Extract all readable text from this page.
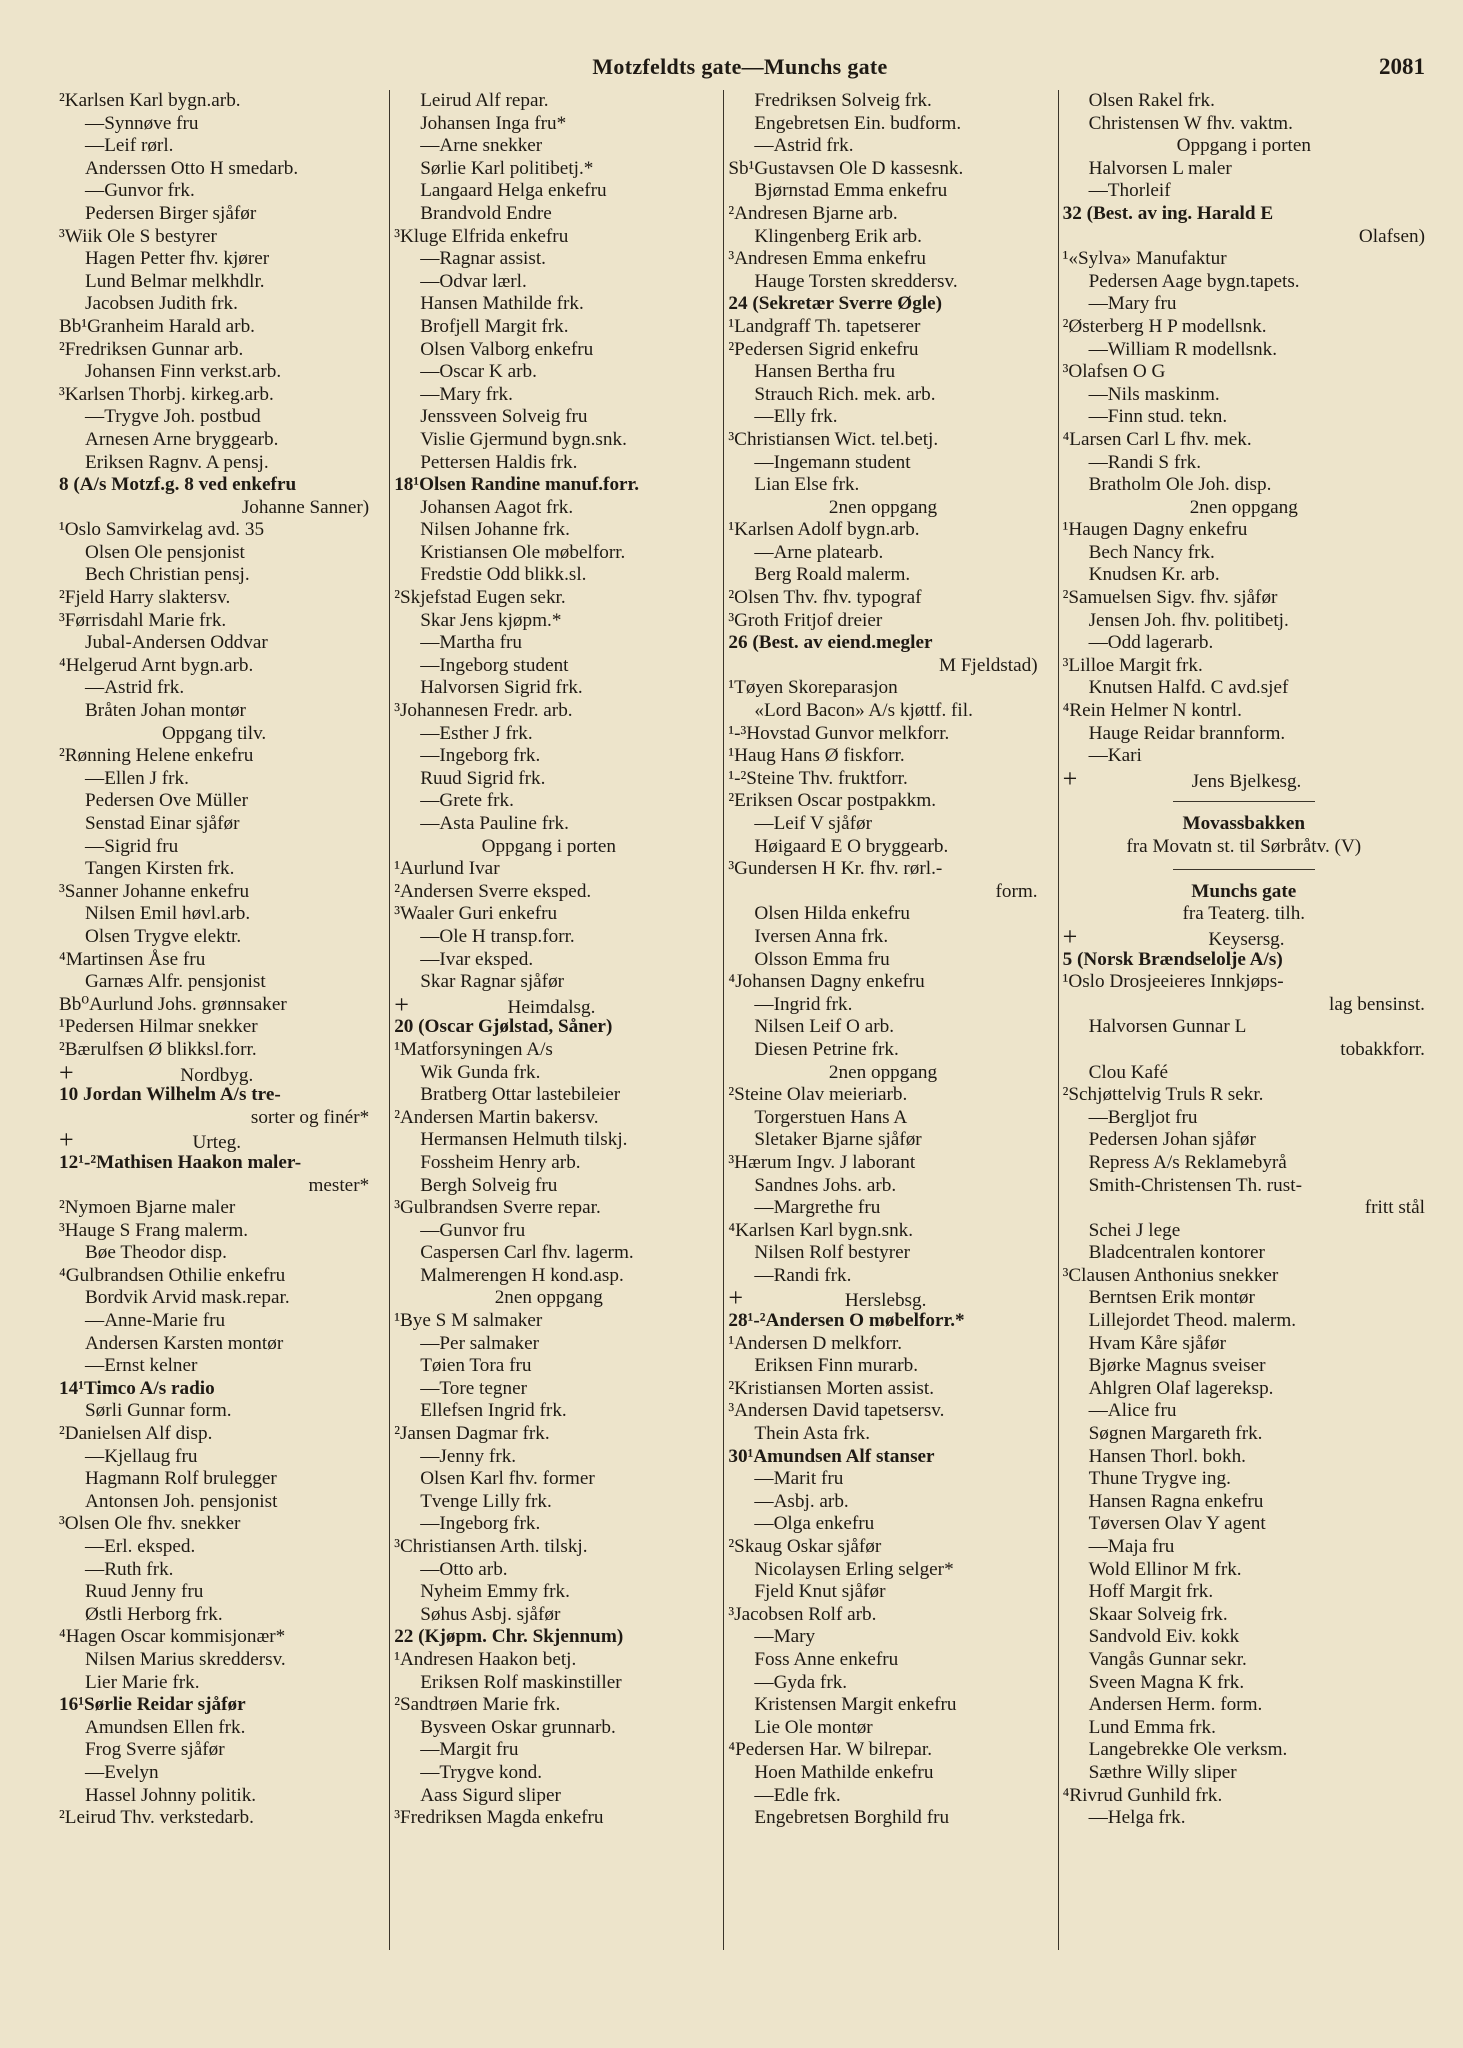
Motzfeldts gate—Munchs gate	2081
²Karlsen Karl bygn.arb.
—Synnøve fru
—Leif rørl.
Anderssen Otto H smedarb.
—Gunvor frk.
Pedersen Birger sjåfør
³Wiik Ole S bestyrer
Hagen Petter fhv. kjører
Lund Belmar melkhdlr.
Jacobsen Judith frk.
Bb¹Granheim Harald arb.
²Fredriksen Gunnar arb.
Johansen Finn verkst.arb.
³Karlsen Thorbj. kirkeg.arb.
—Trygve Joh. postbud
Arnesen Arne bryggearb.
Eriksen Ragnv. A pensj.
8 (A/s Motzf.g. 8 ved enkefru
Johanne Sanner)
¹Oslo Samvirkelag avd. 35
Olsen Ole pensjonist
Bech Christian pensj.
²Fjeld Harry slaktersv.
³Førrisdahl Marie frk.
Jubal-Andersen Oddvar
⁴Helgerud Arnt bygn.arb.
—Astrid frk.
Bråten Johan montør
Oppgang tilv.
²Rønning Helene enkefru
—Ellen J frk.
Pedersen Ove Müller
Senstad Einar sjåfør
—Sigrid fru
Tangen Kirsten frk.
³Sanner Johanne enkefru
Nilsen Emil høvl.arb.
Olsen Trygve elektr.
⁴Martinsen Åse fru
Garnæs Alfr. pensjonist
Bb⁰Aurlund Johs. grønnsaker
¹Pedersen Hilmar snekker
²Bærulfsen Ø blikksl.forr.
+	Nordbyg.
10 Jordan Wilhelm A/s tre-
sorter og finér*
+	Urteg.
12¹-²Mathisen Haakon maler-
mester*
²Nymoen Bjarne maler
³Hauge S Frang malerm.
Bøe Theodor disp.
⁴Gulbrandsen Othilie enkefru
Bordvik Arvid mask.repar.
—Anne-Marie fru
Andersen Karsten montør
—Ernst kelner
14¹Timco A/s radio
Sørli Gunnar form.
²Danielsen Alf disp.
—Kjellaug fru
Hagmann Rolf brulegger
Antonsen Joh. pensjonist
³Olsen Ole fhv. snekker
—Erl. ekspеd.
—Ruth frk.
Ruud Jenny fru
Østli Herborg frk.
⁴Hagen Oscar kommisjonær*
Nilsen Marius skreddersv.
Lier Marie frk.
16¹Sørlie Reidar sjåfør
Amundsen Ellen frk.
Frog Sverre sjåfør
—Evelyn
Hassel Johnny politik.
²Leirud Thv. verkstedarb.
Leirud Alf repar.
Johansen Inga fru*
—Arne snekker
Sørlie Karl politibetj.*
Langaard Helga enkefru
Brandvold Endre
³Kluge Elfrida enkefru
—Ragnar assist.
—Odvar lærl.
Hansen Mathilde frk.
Brofjell Margit frk.
Olsen Valborg enkefru
—Oscar K arb.
—Mary frk.
Jenssveen Solveig fru
Vislie Gjermund bygn.snk.
Pettersen Haldis frk.
18¹Olsen Randine manuf.forr.
Johansen Aagot frk.
Nilsen Johanne frk.
Kristiansen Ole møbelforr.
Fredstie Odd blikk.sl.
²Skjefstad Eugen sekr.
Skar Jens kjøpm.*
—Martha fru
—Ingeborg student
Halvorsen Sigrid frk.
³Johannesen Fredr. arb.
—Esther J frk.
—Ingeborg frk.
Ruud Sigrid frk.
—Grete frk.
—Asta Pauline frk.
Oppgang i porten
¹Aurlund Ivar
²Andersen Sverre ekspеd.
³Waaler Guri enkefru
—Ole H transp.forr.
—Ivar ekspеd.
Skar Ragnar sjåfør
+	Heimdalsg.
20 (Oscar Gjølstad, Såner)
¹Matforsyningen A/s
Wik Gunda frk.
Bratberg Ottar lastebileier
²Andersen Martin bakersv.
Hermansen Helmuth tilskj.
Fossheim Henry arb.
Bergh Solveig fru
³Gulbrandsen Sverre repar.
—Gunvor fru
Caspersen Carl fhv. lagerm.
Malmerengen H kond.asp.
2nen oppgang
¹Bye S M salmaker
—Per salmaker
Tøien Tora fru
—Tore tegner
Ellefsen Ingrid frk.
²Jansen Dagmar frk.
—Jenny frk.
Olsen Karl fhv. former
Tvenge Lilly frk.
—Ingeborg frk.
³Christiansen Arth. tilskj.
—Otto arb.
Nyheim Emmy frk.
Søhus Asbj. sjåfør
22 (Kjøpm. Chr. Skjennum)
¹Andresen Haakon betj.
Eriksen Rolf maskinstiller
²Sandtrøen Marie frk.
Bysveen Oskar grunnarb.
—Margit fru
—Trygve kond.
Aass Sigurd sliper
³Fredriksen Magda enkefru
Fredriksen Solveig frk.
Engebretsen Ein. budform.
—Astrid frk.
Sb¹Gustavsen Ole D kassesnk.
Bjørnstad Emma enkefru
²Andresen Bjarne arb.
Klingenberg Erik arb.
³Andresen Emma enkefru
Hauge Torsten skreddersv.
24 (Sekretær Sverre Øgle)
¹Landgraff Th. tapetserer
²Pedersen Sigrid enkefru
Hansen Bertha fru
Strauch Rich. mek. arb.
—Elly frk.
³Christiansen Wict. tel.betj.
—Ingemann student
Lian Else frk.
2nen oppgang
¹Karlsen Adolf bygn.arb.
—Arne platearb.
Berg Roald malerm.
²Olsen Thv. fhv. typograf
³Groth Fritjof dreier
26 (Best. av eiend.megler
M Fjeldstad)
¹Tøyen Skoreparasjon
«Lord Bacon» A/s kjøttf. fil.
¹-³Hovstad Gunvor melkforr.
¹Haug Hans Ø fiskforr.
¹-²Steine Thv. fruktforr.
²Eriksen Oscar postpakkm.
—Leif V sjåfør
Høigaard E O bryggearb.
³Gundersen H Kr. fhv. rørl.-
form.
Olsen Hilda enkefru
Iversen Anna frk.
Olsson Emma fru
⁴Johansen Dagny enkefru
—Ingrid frk.
Nilsen Leif O arb.
Diesen Petrine frk.
2nen oppgang
²Steine Olav meieriarb.
Torgerstuen Hans A
Sletaker Bjarne sjåfør
³Hærum Ingv. J laborant
Sandnes Johs. arb.
—Margrethe fru
⁴Karlsen Karl bygn.snk.
Nilsen Rolf bestyrer
—Randi frk.
+	Herslebsg.
28¹-²Andersen O møbelforr.*
¹Andersen D melkforr.
Eriksen Finn murarb.
²Kristiansen Morten assist.
³Andersen David tapetsersv.
Thein Asta frk.
30¹Amundsen Alf stanser
—Marit fru
—Asbj. arb.
—Olga enkefru
²Skaug Oskar sjåfør
Nicolaysen Erling selger*
Fjeld Knut sjåfør
³Jacobsen Rolf arb.
—Mary
Foss Anne enkefru
—Gyda frk.
Kristensen Margit enkefru
Lie Ole montør
⁴Pedersen Har. W bilrepar.
Hoen Mathilde enkefru
—Edle frk.
Engebretsen Borghild fru
Olsen Rakel frk.
Christensen W fhv. vaktm.
Oppgang i porten
Halvorsen L maler
—Thorleif
32 (Best. av ing. Harald E
Olafsen)
¹«Sylva» Manufaktur
Pedersen Aage bygn.tapets.
—Mary fru
²Østerberg H P modellsnk.
—William R modellsnk.
³Olafsen O G
—Nils maskinm.
—Finn stud. tekn.
⁴Larsen Carl L fhv. mek.
—Randi S frk.
Bratholm Ole Joh. disp.
2nen oppgang
¹Haugen Dagny enkefru
Bech Nancy frk.
Knudsen Kr. arb.
²Samuelsen Sigv. fhv. sjåfør
Jensen Joh. fhv. politibetj.
—Odd lagerarb.
³Lilloe Margit frk.
Knutsen Halfd. C avd.sjef
⁴Rein Helmer N kontrl.
Hauge Reidar brannform.
—Kari
+	Jens Bjelkesg.
Movassbakken
fra Movatn st. til Sørbråtv. (V)
Munchs gate
fra Teaterg. tilh.
+	Keysersg.
5 (Norsk Brændselolje A/s)
¹Oslo Drosjeeieres Innkjøps-
lag bensinst.
Halvorsen Gunnar L
tobakkforr.
Clou Kafé
²Schjøttelvig Truls R sekr.
—Bergljot fru
Pedersen Johan sjåfør
Repress A/s Reklamebyrå
Smith-Christensen Th. rust-
fritt stål
Schei J lege
Bladcentralen kontorer
³Clausen Anthonius snekker
Berntsen Erik montør
Lillejordet Theod. malerm.
Hvam Kåre sjåfør
Bjørke Magnus sveiser
Ahlgren Olaf lagereksp.
—Alice fru
Søgnen Margareth frk.
Hansen Thorl. bokh.
Thune Trygve ing.
Hansen Ragna enkefru
Tøversen Olav Y agent
—Maja fru
Wold Ellinor M frk.
Hoff Margit frk.
Skaar Solveig frk.
Sandvold Eiv. kokk
Vangås Gunnar sekr.
Sveen Magna K frk.
Andersen Herm. form.
Lund Emma frk.
Langebrekke Ole verksm.
Sæthre Willy sliper
⁴Rivrud Gunhild frk.
—Helga frk.
